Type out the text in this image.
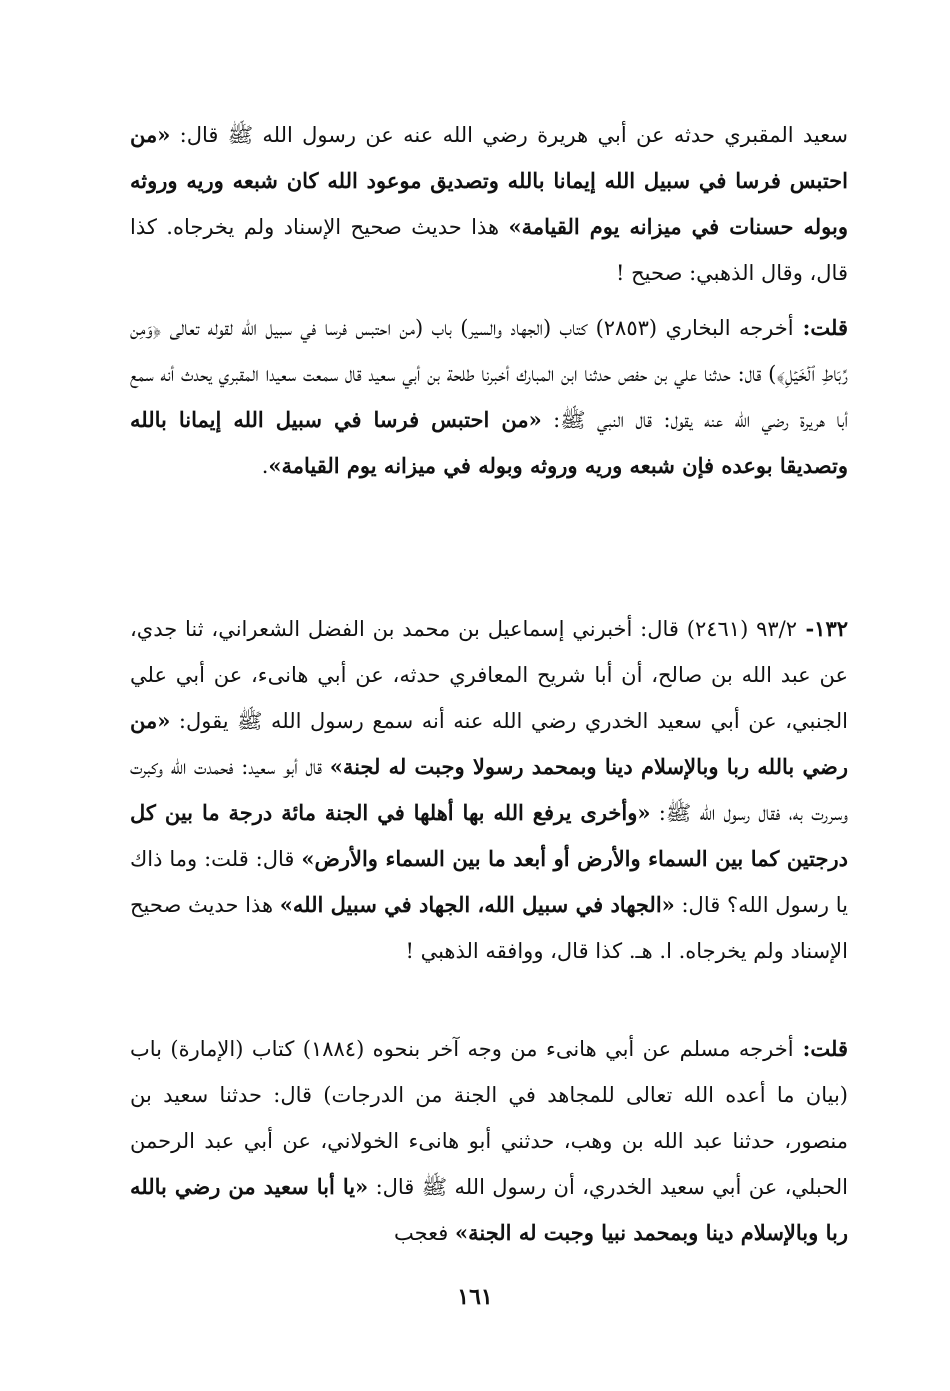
سعيد المقبري حدثه عن أبي هريرة رضي الله عنه عن رسول الله ﷺ قال: «من احتبس فرسا في سبيل الله إيمانا بالله وتصديق موعود الله كان شبعه وريه وروثه وبوله حسنات في ميزانه يوم القيامة» هذا حديث صحيح الإسناد ولم يخرجاه. كذا قال، وقال الذهبي: صحيح !

قلت: أخرجه البخاري (٢٨٥٣) كتاب (الجهاد والسير) باب (من احتبس فرسا في سبيل الله لقوله تعالى ﴿وَمِن رِّبَاطِ ٱلۡخَيۡلِ﴾) قال: حدثنا علي بن حفص حدثنا ابن المبارك أخبرنا طلحة بن أبي سعيد قال سمعت سعيدا المقبري يحدث أنه سمع أبا هريرة رضي الله عنه يقول: قال النبي ﷺ: «من احتبس فرسا في سبيل الله إيمانا بالله وتصديقا بوعده فإن شبعه وريه وروثه وبوله في ميزانه يوم القيامة».

١٣٢- ٩٣/٢ (٢٤٦١) قال: أخبرني إسماعيل بن محمد بن الفضل الشعراني، ثنا جدي، عن عبد الله بن صالح، أن أبا شريح المعافري حدثه، عن أبي هانىء، عن أبي علي الجنبي، عن أبي سعيد الخدري رضي الله عنه أنه سمع رسول الله ﷺ يقول: «من رضي بالله ربا وبالإسلام دينا وبمحمد رسولا وجبت له لجنة» قال أبو سعيد: فحمدت الله وكبرت وسررت به، فقال رسول الله ﷺ: «وأخرى يرفع الله بها أهلها في الجنة مائة درجة ما بين كل درجتين كما بين السماء والأرض أو أبعد ما بين السماء والأرض» قال: قلت: وما ذاك يا رسول الله؟ قال: «الجهاد في سبيل الله، الجهاد في سبيل الله» هذا حديث صحيح الإسناد ولم يخرجاه. ا. هـ. كذا قال، ووافقه الذهبي !

قلت: أخرجه مسلم عن أبي هانىء من وجه آخر بنحوه (١٨٨٤) كتاب (الإمارة) باب (بيان ما أعده الله تعالى للمجاهد في الجنة من الدرجات) قال: حدثنا سعيد بن منصور، حدثنا عبد الله بن وهب، حدثني أبو هانىء الخولاني، عن أبي عبد الرحمن الحبلي، عن أبي سعيد الخدري، أن رسول الله ﷺ قال: «يا أبا سعيد من رضي بالله ربا وبالإسلام دينا وبمحمد نبيا وجبت له الجنة» فعجب

١٦١
